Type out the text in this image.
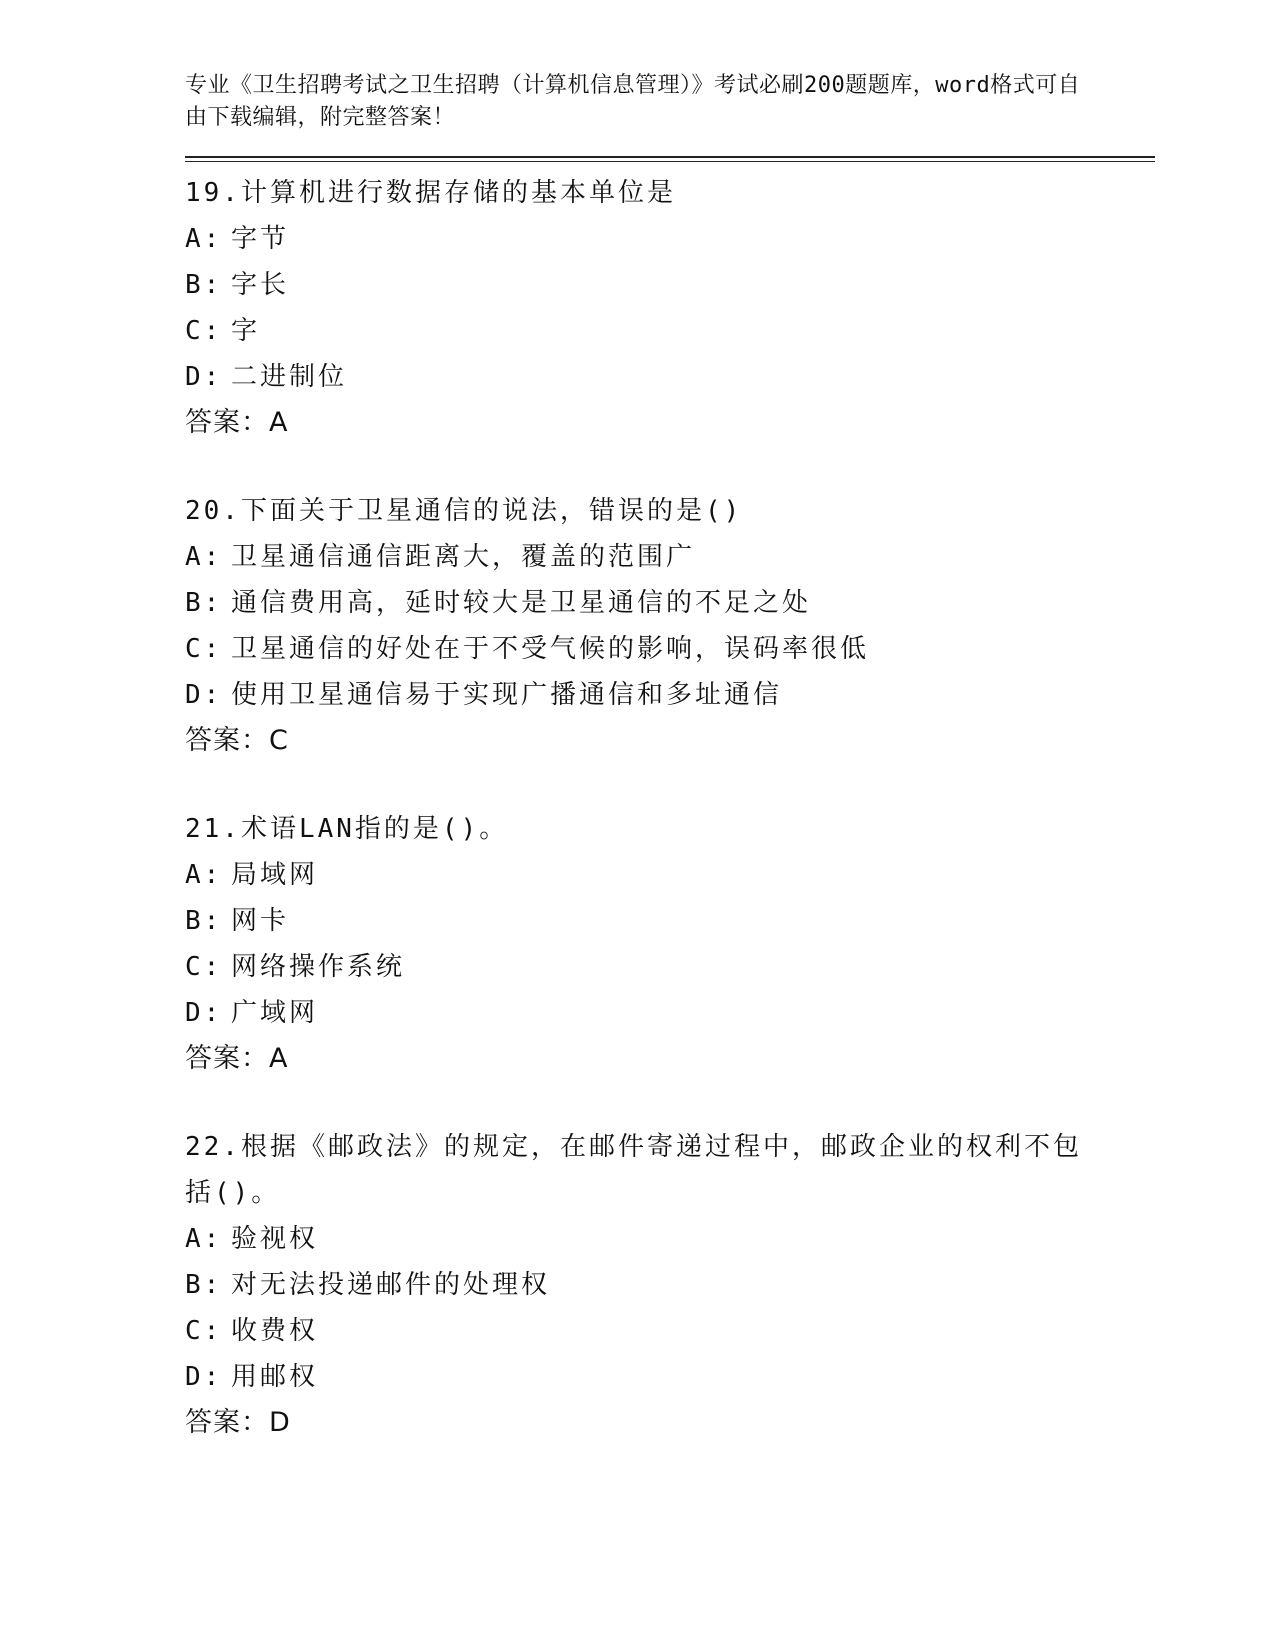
专业《卫生招聘考试之卫生招聘（计算机信息管理）》考试必刷200题题库，word格式可自由下载编辑，附完整答案！
19.计算机进行数据存储的基本单位是
A: 字节
B: 字长
C: 字
D: 二进制位
答案：A
20.下面关于卫星通信的说法，错误的是()
A: 卫星通信通信距离大，覆盖的范围广
B: 通信费用高，延时较大是卫星通信的不足之处
C: 卫星通信的好处在于不受气候的影响，误码率很低
D: 使用卫星通信易于实现广播通信和多址通信
答案：C
21.术语LAN指的是()。
A: 局域网
B: 网卡
C: 网络操作系统
D: 广域网
答案：A
22.根据《邮政法》的规定，在邮件寄递过程中，邮政企业的权利不包括()。
A: 验视权
B: 对无法投递邮件的处理权
C: 收费权
D: 用邮权
答案：D
